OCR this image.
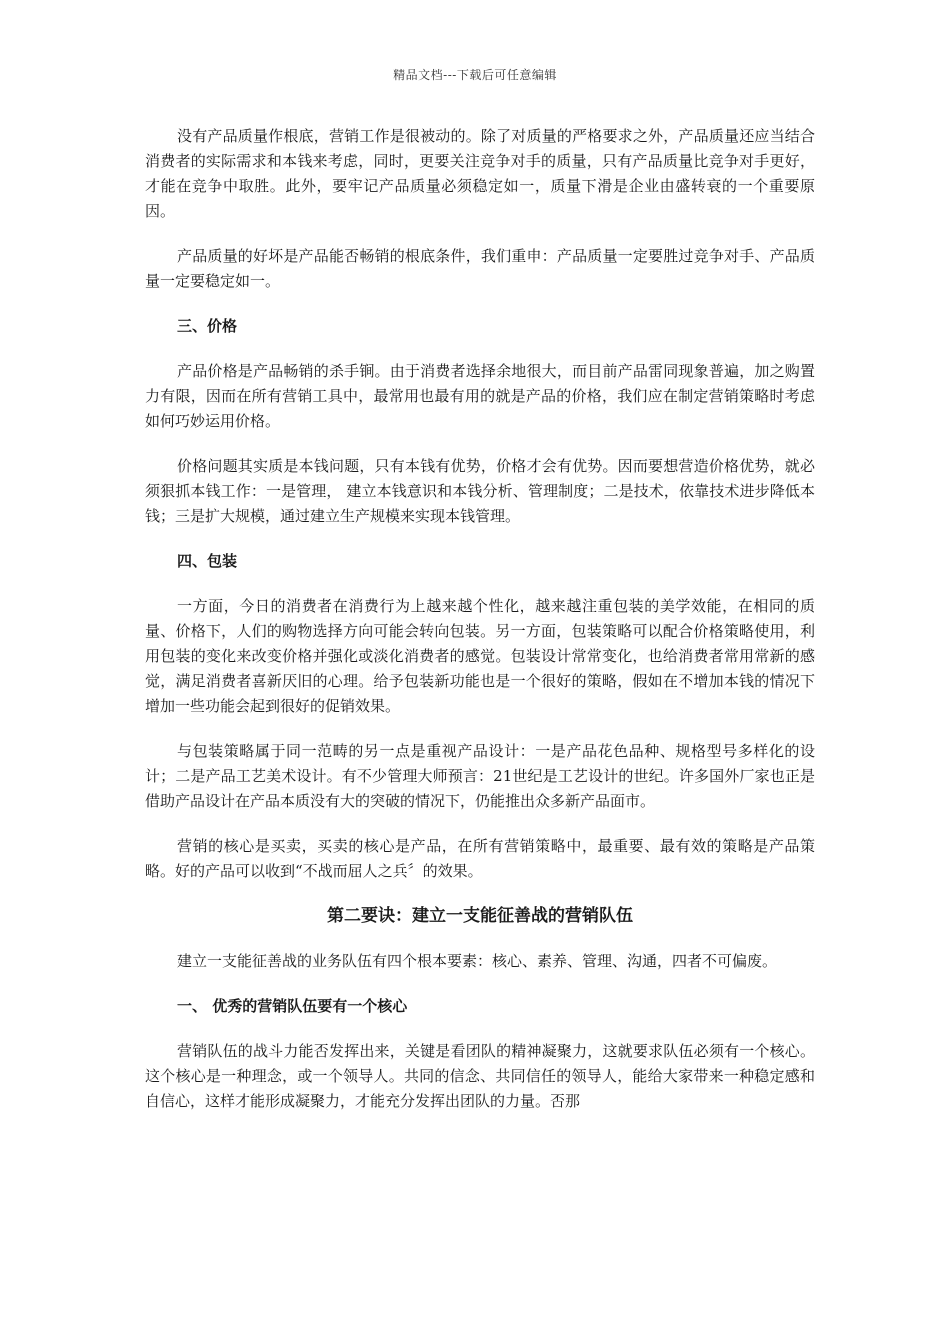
精品文档---下载后可任意编辑

没有产品质量作根底，营销工作是很被动的。除了对质量的严格要求之外，产品质量还应当结合消费者的实际需求和本钱来考虑，同时，更要关注竞争对手的质量，只有产品质量比竞争对手更好，才能在竞争中取胜。此外，要牢记产品质量必须稳定如一，质量下滑是企业由盛转衰的一个重要原因。

产品质量的好坏是产品能否畅销的根底条件，我们重申：产品质量一定要胜过竞争对手、产品质量一定要稳定如一。

三、价格

产品价格是产品畅销的杀手锏。由于消费者选择余地很大，而目前产品雷同现象普遍，加之购置力有限，因而在所有营销工具中，最常用也最有用的就是产品的价格，我们应在制定营销策略时考虑如何巧妙运用价格。

价格问题其实质是本钱问题，只有本钱有优势，价格才会有优势。因而要想营造价格优势，就必须狠抓本钱工作：一是管理， 建立本钱意识和本钱分析、管理制度；二是技术，依靠技术进步降低本钱；三是扩大规模，通过建立生产规模来实现本钱管理。

四、包装

一方面，今日的消费者在消费行为上越来越个性化，越来越注重包装的美学效能，在相同的质量、价格下，人们的购物选择方向可能会转向包装。另一方面，包装策略可以配合价格策略使用，利用包装的变化来改变价格并强化或淡化消费者的感觉。包装设计常常变化，也给消费者常用常新的感觉，满足消费者喜新厌旧的心理。给予包装新功能也是一个很好的策略，假如在不增加本钱的情况下增加一些功能会起到很好的促销效果。

与包装策略属于同一范畴的另一点是重视产品设计：一是产品花色品种、规格型号多样化的设计；二是产品工艺美术设计。有不少管理大师预言：21世纪是工艺设计的世纪。许多国外厂家也正是借助产品设计在产品本质没有大的突破的情况下，仍能推出众多新产品面市。

营销的核心是买卖，买卖的核心是产品，在所有营销策略中，最重要、最有效的策略是产品策略。好的产品可以收到“不战而屈人之兵〞的效果。

第二要诀：建立一支能征善战的营销队伍

建立一支能征善战的业务队伍有四个根本要素：核心、素养、管理、沟通，四者不可偏废。

一、 优秀的营销队伍要有一个核心

营销队伍的战斗力能否发挥出来，关键是看团队的精神凝聚力，这就要求队伍必须有一个核心。这个核心是一种理念，或一个领导人。共同的信念、共同信任的领导人，能给大家带来一种稳定感和自信心，这样才能形成凝聚力，才能充分发挥出团队的力量。否那
